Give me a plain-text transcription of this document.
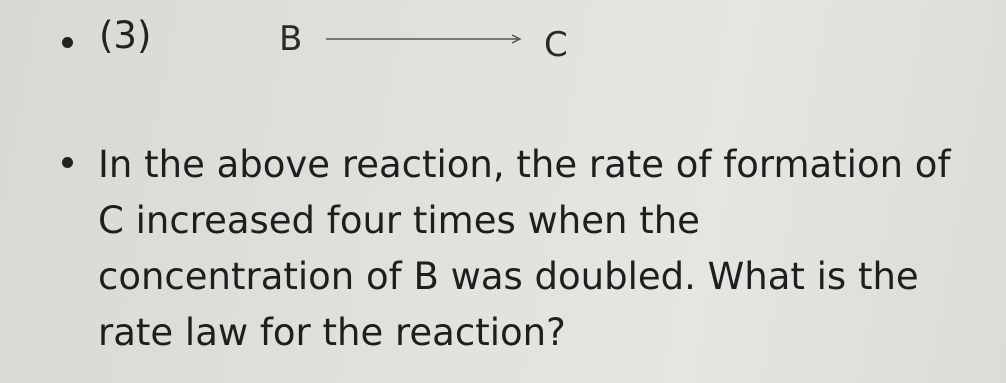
(3)	B	C
In the above reaction, the rate of formation of
C increased four times when the
concentration of B was doubled. What is the
rate law for the reaction?
